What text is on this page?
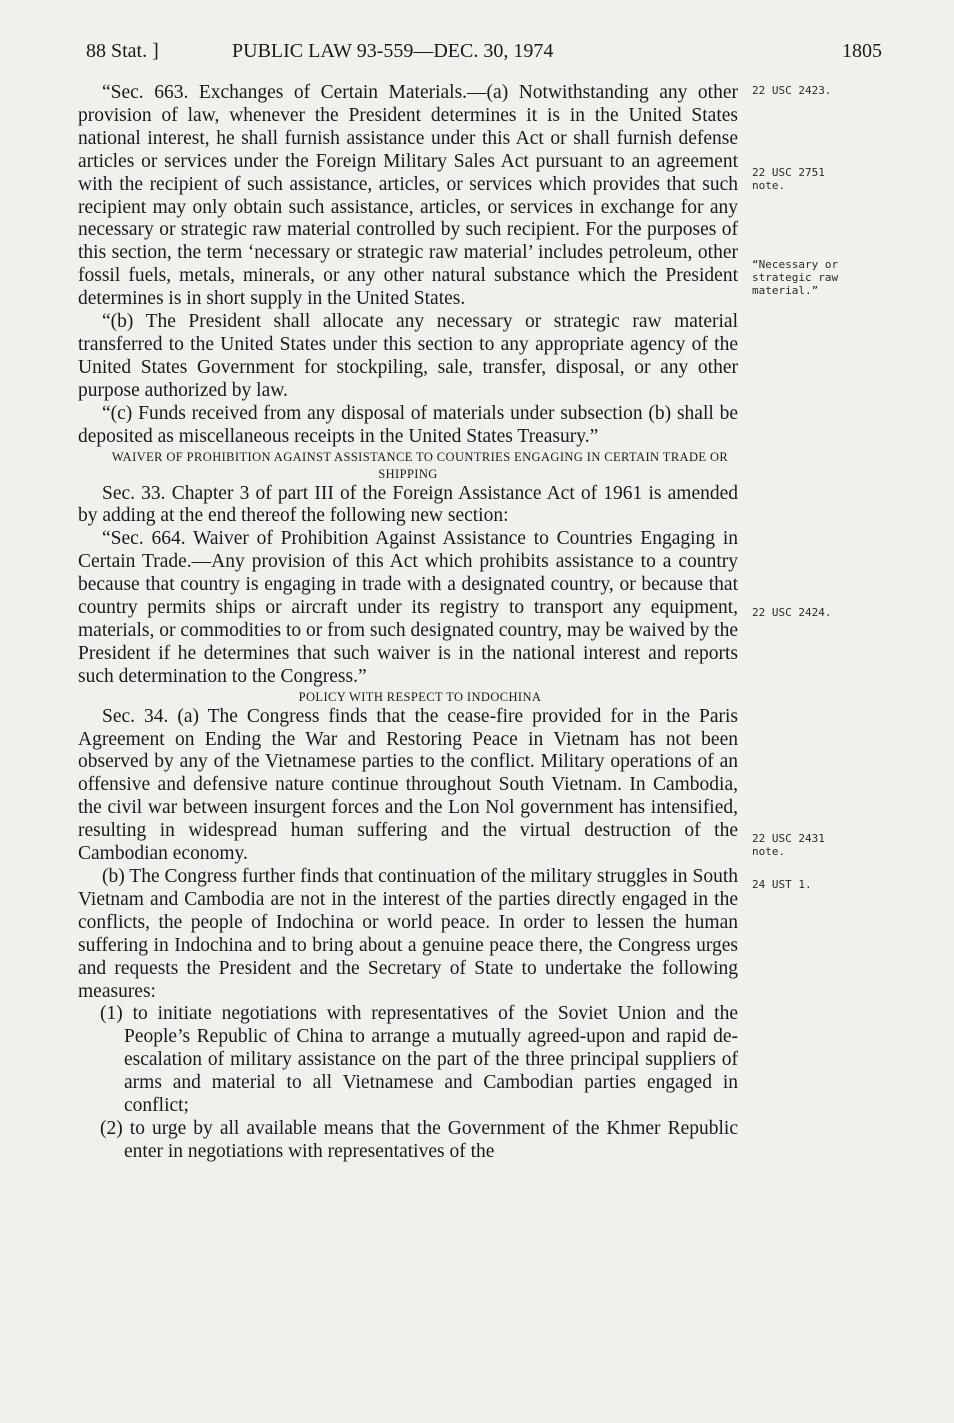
88 Stat. ]	PUBLIC LAW 93-559—DEC. 30, 1974	1805

“Sec. 663. Exchanges of Certain Materials.—(a) Notwithstanding any other provision of law, whenever the President determines it is in the United States national interest, he shall furnish assistance under this Act or shall furnish defense articles or services under the Foreign Military Sales Act pursuant to an agreement with the recipient of such assistance, articles, or services which provides that such recipient may only obtain such assistance, articles, or services in exchange for any necessary or strategic raw material controlled by such recipient. For the purposes of this section, the term ‘necessary or strategic raw material’ includes petroleum, other fossil fuels, metals, minerals, or any other natural substance which the President determines is in short supply in the United States.

“(b) The President shall allocate any necessary or strategic raw material transferred to the United States under this section to any appropriate agency of the United States Government for stockpiling, sale, transfer, disposal, or any other purpose authorized by law.

“(c) Funds received from any disposal of materials under subsection (b) shall be deposited as miscellaneous receipts in the United States Treasury.”

WAIVER OF PROHIBITION AGAINST ASSISTANCE TO COUNTRIES ENGAGING IN CERTAIN TRADE OR SHIPPING

Sec. 33. Chapter 3 of part III of the Foreign Assistance Act of 1961 is amended by adding at the end thereof the following new section:

“Sec. 664. Waiver of Prohibition Against Assistance to Countries Engaging in Certain Trade.—Any provision of this Act which prohibits assistance to a country because that country is engaging in trade with a designated country, or because that country permits ships or aircraft under its registry to transport any equipment, materials, or commodities to or from such designated country, may be waived by the President if he determines that such waiver is in the national interest and reports such determination to the Congress.”

POLICY WITH RESPECT TO INDOCHINA

Sec. 34. (a) The Congress finds that the cease-fire provided for in the Paris Agreement on Ending the War and Restoring Peace in Vietnam has not been observed by any of the Vietnamese parties to the conflict. Military operations of an offensive and defensive nature continue throughout South Vietnam. In Cambodia, the civil war between insurgent forces and the Lon Nol government has intensified, resulting in widespread human suffering and the virtual destruction of the Cambodian economy.

(b) The Congress further finds that continuation of the military struggles in South Vietnam and Cambodia are not in the interest of the parties directly engaged in the conflicts, the people of Indochina or world peace. In order to lessen the human suffering in Indochina and to bring about a genuine peace there, the Congress urges and requests the President and the Secretary of State to undertake the following measures:

(1) to initiate negotiations with representatives of the Soviet Union and the People’s Republic of China to arrange a mutually agreed-upon and rapid de-escalation of military assistance on the part of the three principal suppliers of arms and material to all Vietnamese and Cambodian parties engaged in conflict;

(2) to urge by all available means that the Government of the Khmer Republic enter in negotiations with representatives of the

22 USC 2423.
22 USC 2751 note.
“Necessary or strategic raw material.”
22 USC 2424.
22 USC 2431 note.
24 UST 1.
